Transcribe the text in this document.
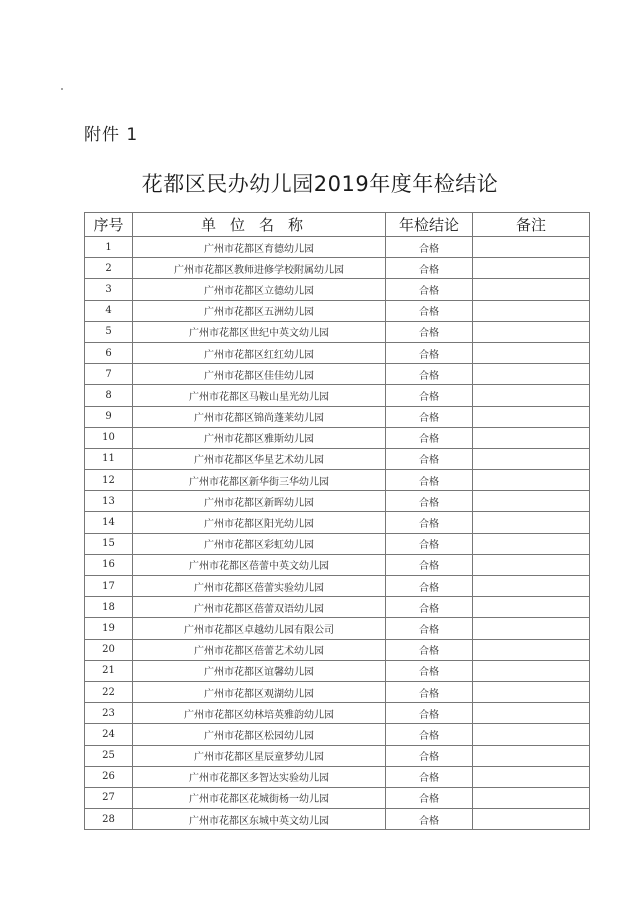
附件 1
花都区民办幼儿园2019年度年检结论
序号	单位名称	年检结论	备注
1	广州市花都区育德幼儿园	合格	
2	广州市花都区教师进修学校附属幼儿园	合格	
3	广州市花都区立德幼儿园	合格	
4	广州市花都区五洲幼儿园	合格	
5	广州市花都区世纪中英文幼儿园	合格	
6	广州市花都区红红幼儿园	合格	
7	广州市花都区佳佳幼儿园	合格	
8	广州市花都区马鞍山星光幼儿园	合格	
9	广州市花都区锦尚蓬莱幼儿园	合格	
10	广州市花都区雅斯幼儿园	合格	
11	广州市花都区华星艺术幼儿园	合格	
12	广州市花都区新华街三华幼儿园	合格	
13	广州市花都区新晖幼儿园	合格	
14	广州市花都区阳光幼儿园	合格	
15	广州市花都区彩虹幼儿园	合格	
16	广州市花都区蓓蕾中英文幼儿园	合格	
17	广州市花都区蓓蕾实验幼儿园	合格	
18	广州市花都区蓓蕾双语幼儿园	合格	
19	广州市花都区卓越幼儿园有限公司	合格	
20	广州市花都区蓓蕾艺术幼儿园	合格	
21	广州市花都区谊馨幼儿园	合格	
22	广州市花都区观湖幼儿园	合格	
23	广州市花都区幼林培英雅韵幼儿园	合格	
24	广州市花都区松园幼儿园	合格	
25	广州市花都区星辰童梦幼儿园	合格	
26	广州市花都区多智达实验幼儿园	合格	
27	广州市花都区花城街杨一幼儿园	合格	
28	广州市花都区东城中英文幼儿园	合格	
